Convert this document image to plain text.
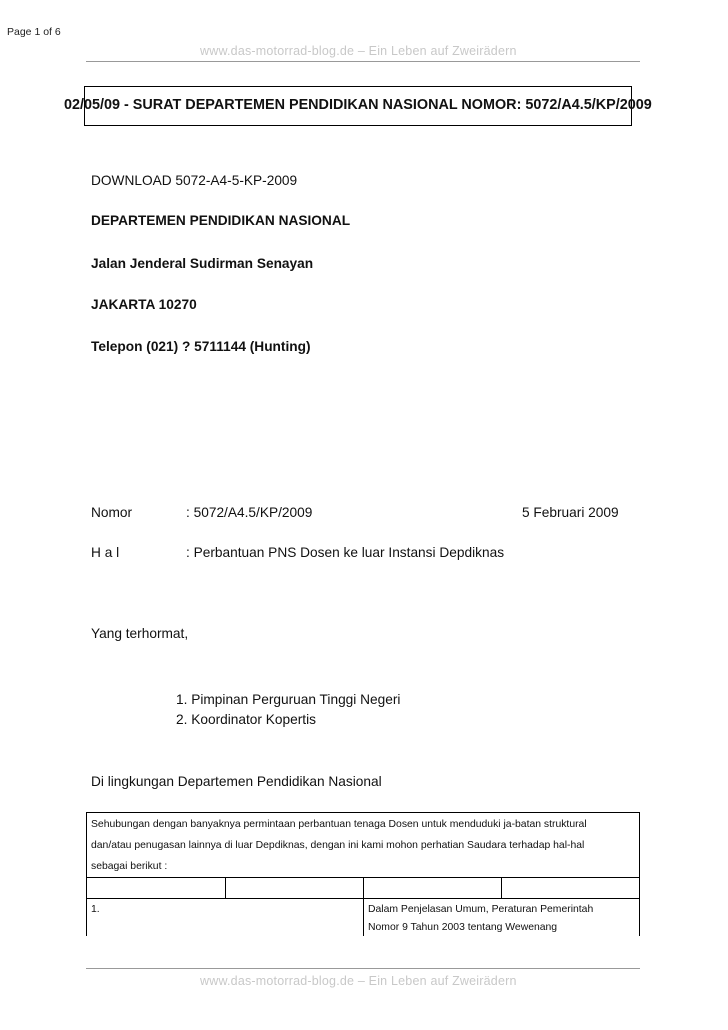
Page 1 of 6
www.das-motorrad-blog.de – Ein Leben auf Zweirädern
02/05/09 - SURAT DEPARTEMEN PENDIDIKAN NASIONAL NOMOR: 5072/A4.5/KP/2009
DOWNLOAD 5072-A4-5-KP-2009
DEPARTEMEN PENDIDIKAN NASIONAL
Jalan Jenderal Sudirman Senayan
JAKARTA 10270
Telepon (021) ? 5711144 (Hunting)
Nomor	: 5072/A4.5/KP/2009	5 Februari 2009
H a l	: Perbantuan PNS Dosen ke luar Instansi Depdiknas
Yang terhormat,
1. Pimpinan Perguruan Tinggi Negeri
2. Koordinator Kopertis
Di lingkungan Departemen Pendidikan Nasional
Sehubungan dengan banyaknya permintaan perbantuan tenaga Dosen untuk menduduki ja-batan struktural
dan/atau penugasan lainnya di luar Depdiknas, dengan ini kami mohon perhatian Saudara terhadap hal-hal
sebagai berikut :
1.	Dalam Penjelasan Umum, Peraturan Pemerintah
Nomor 9 Tahun 2003 tentang Wewenang
www.das-motorrad-blog.de – Ein Leben auf Zweirädern
